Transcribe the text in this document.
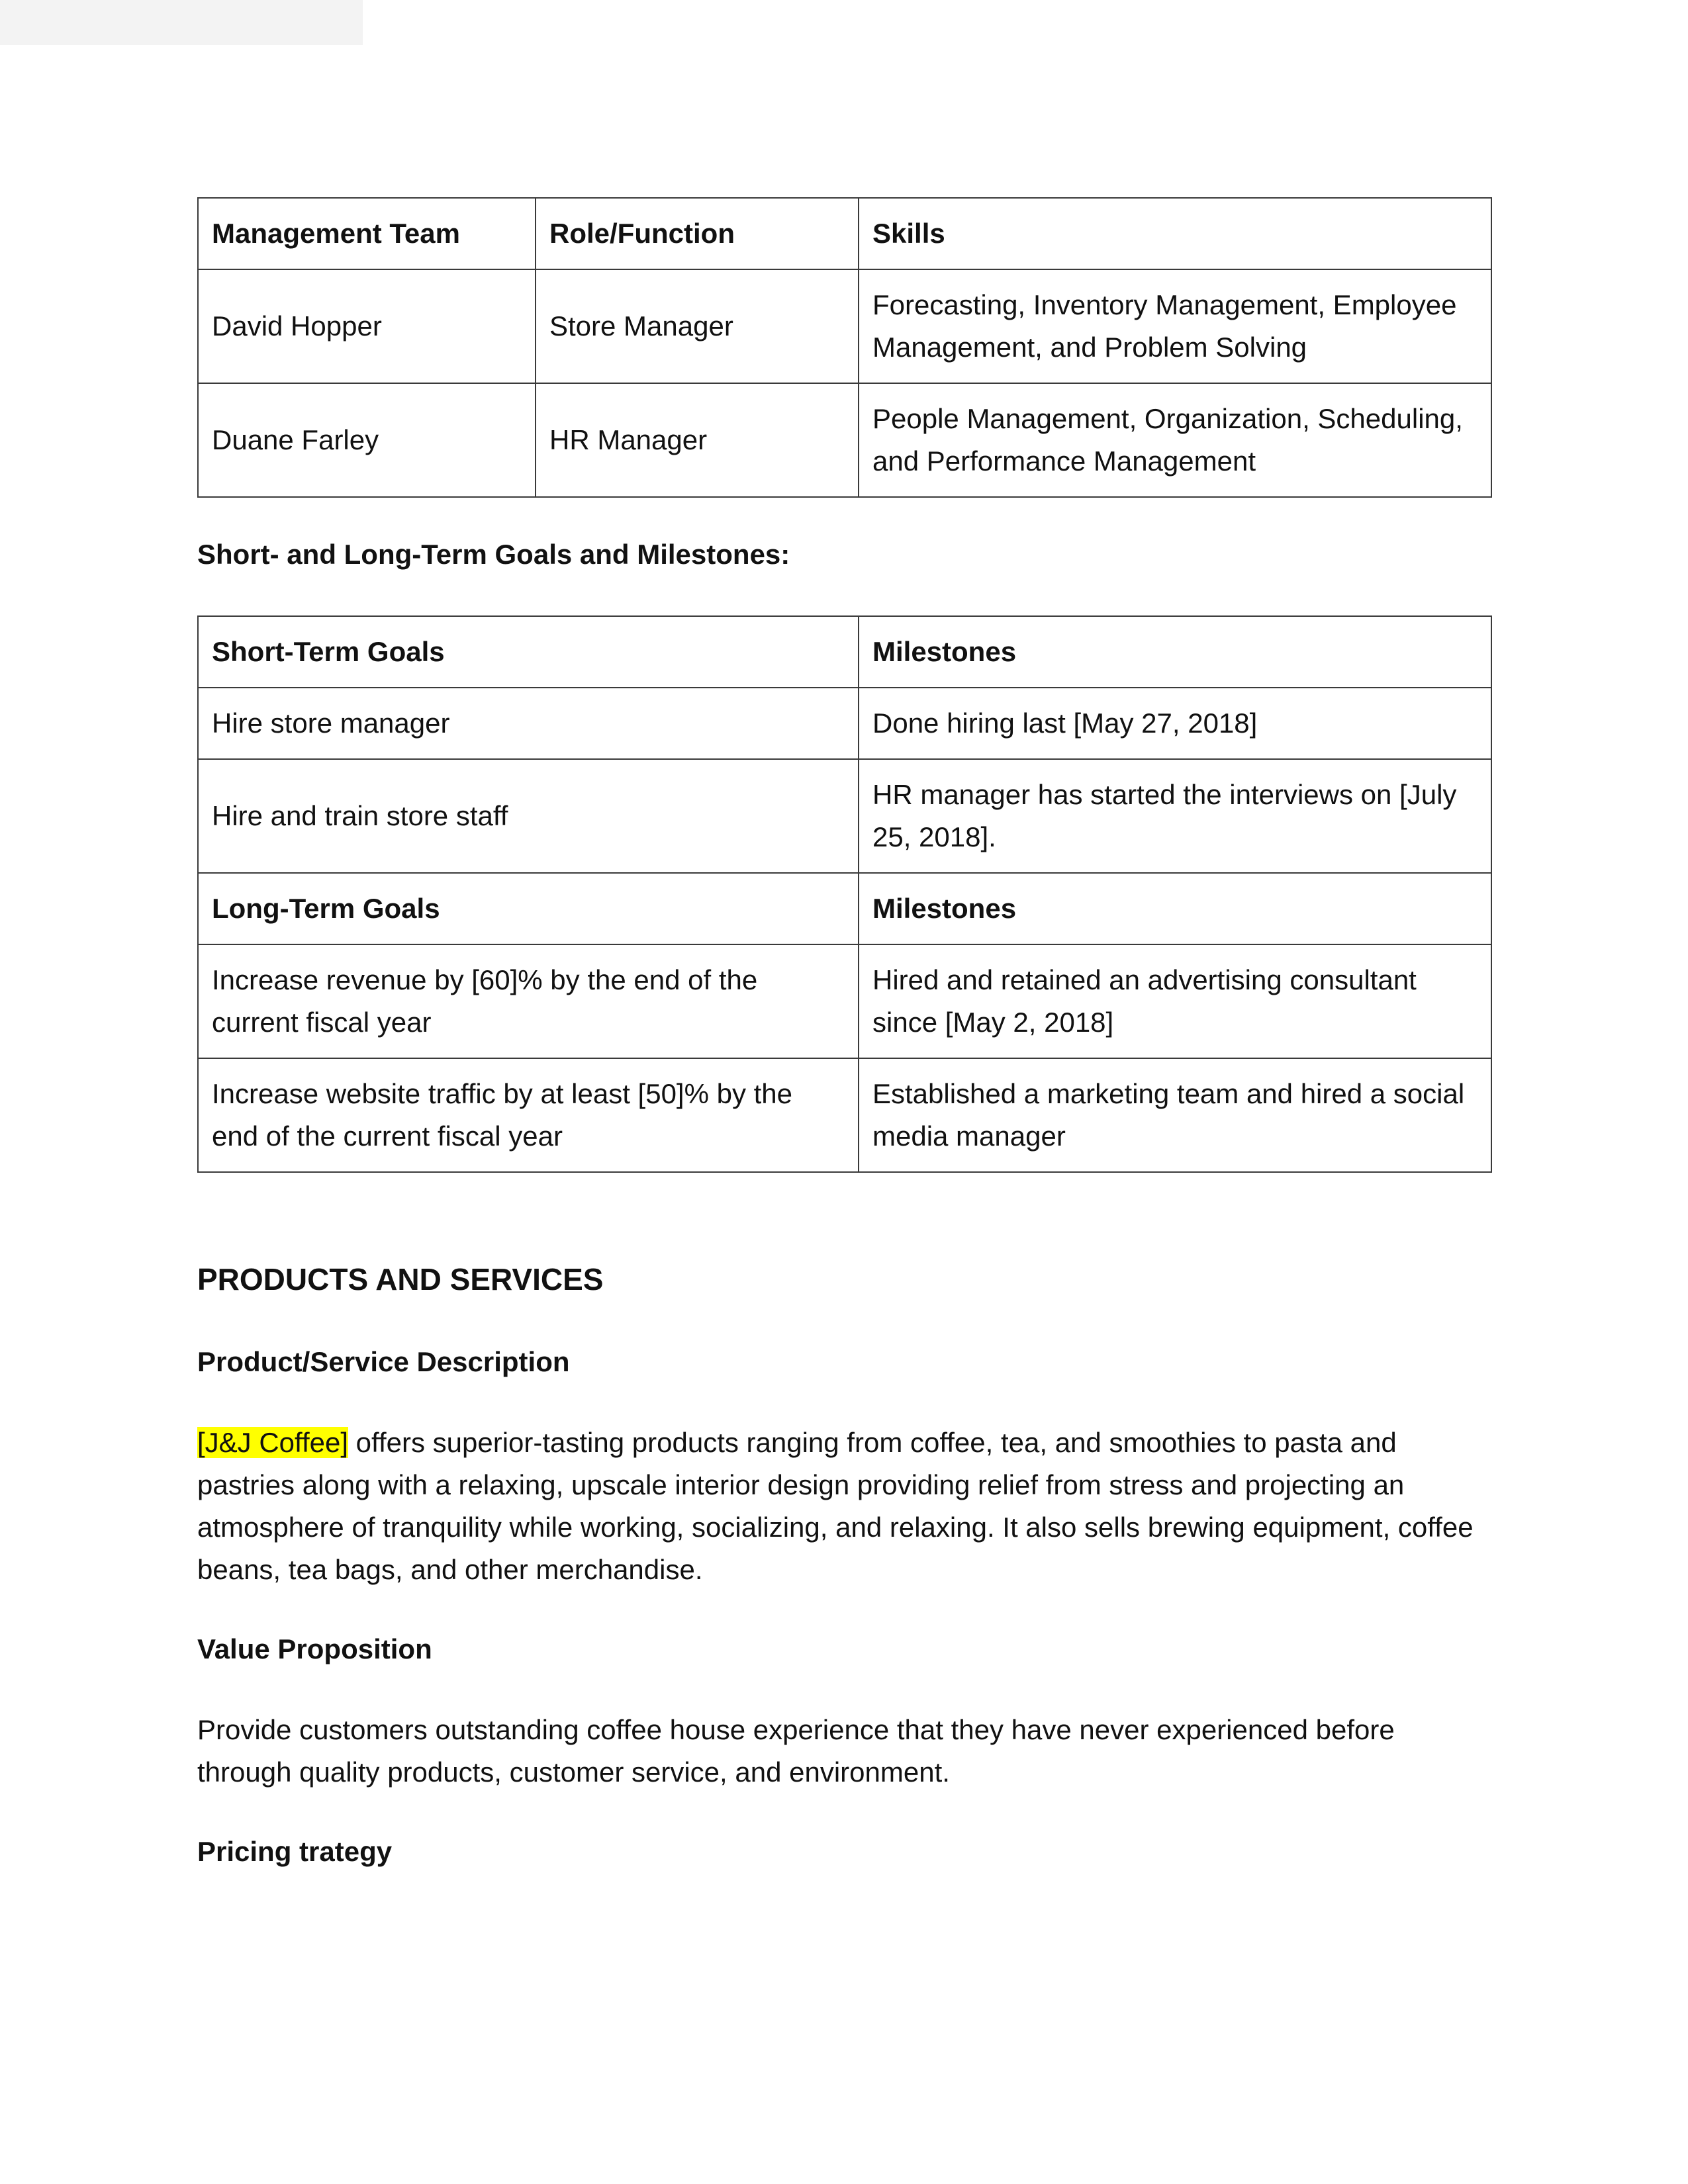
Management Team	Role/Function	Skills
David Hopper	Store Manager	Forecasting, Inventory Management, Employee Management, and Problem Solving
Duane Farley	HR Manager	People Management, Organization, Scheduling, and Performance Management
Short- and Long-Term Goals and Milestones:
Short-Term Goals	Milestones
Hire store manager	Done hiring last [May 27, 2018]
Hire and train store staff	HR manager has started the interviews on [July 25, 2018].
Long-Term Goals	Milestones
Increase revenue by [60]% by the end of the current fiscal year	Hired and retained an advertising consultant since [May 2, 2018]
Increase website traffic by at least [50]% by the end of the current fiscal year	Established a marketing team and hired a social media manager
PRODUCTS AND SERVICES
Product/Service Description

[J&J Coffee] offers superior-tasting products ranging from coffee, tea, and smoothies to pasta and pastries along with a relaxing, upscale interior design providing relief from stress and projecting an atmosphere of tranquility while working, socializing, and relaxing. It also sells brewing equipment, coffee beans, tea bags, and other merchandise.

Value Proposition

Provide customers outstanding coffee house experience that they have never experienced before through quality products, customer service, and environment.

Pricing trategy
